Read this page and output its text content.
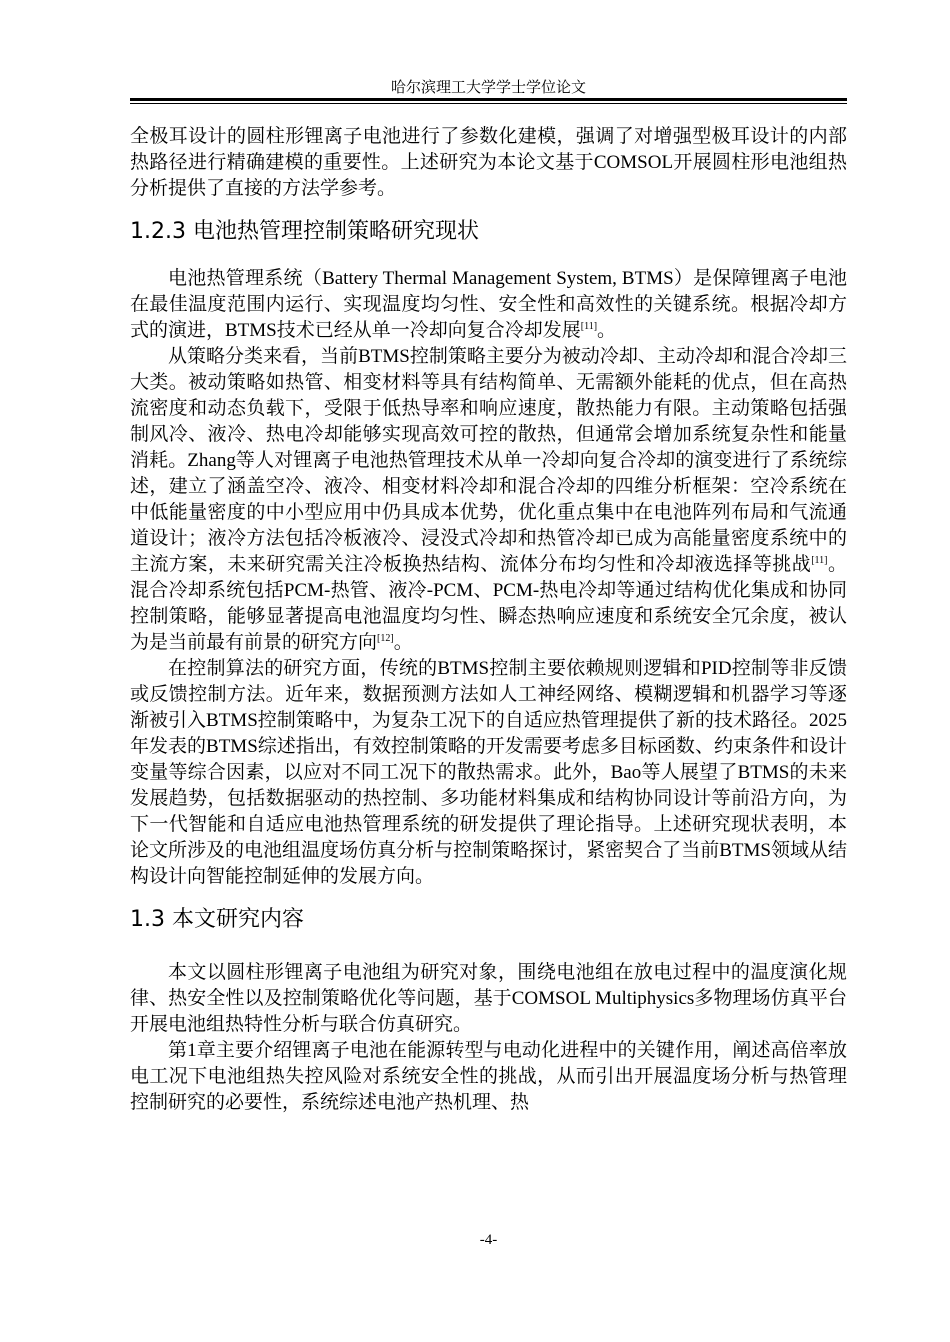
哈尔滨理工大学学士学位论文

全极耳设计的圆柱形锂离子电池进行了参数化建模，强调了对增强型极耳设计的内部热路径进行精确建模的重要性。上述研究为本论文基于COMSOL开展圆柱形电池组热分析提供了直接的方法学参考。

1.2.3 电池热管理控制策略研究现状

电池热管理系统（Battery Thermal Management System, BTMS）是保障锂离子电池在最佳温度范围内运行、实现温度均匀性、安全性和高效性的关键系统。根据冷却方式的演进，BTMS技术已经从单一冷却向复合冷却发展[11]。

从策略分类来看，当前BTMS控制策略主要分为被动冷却、主动冷却和混合冷却三大类。被动策略如热管、相变材料等具有结构简单、无需额外能耗的优点，但在高热流密度和动态负载下，受限于低热导率和响应速度，散热能力有限。主动策略包括强制风冷、液冷、热电冷却能够实现高效可控的散热，但通常会增加系统复杂性和能量消耗。Zhang等人对锂离子电池热管理技术从单一冷却向复合冷却的演变进行了系统综述，建立了涵盖空冷、液冷、相变材料冷却和混合冷却的四维分析框架：空冷系统在中低能量密度的中小型应用中仍具成本优势，优化重点集中在电池阵列布局和气流通道设计；液冷方法包括冷板液冷、浸没式冷却和热管冷却已成为高能量密度系统中的主流方案，未来研究需关注冷板换热结构、流体分布均匀性和冷却液选择等挑战[11]。混合冷却系统包括PCM-热管、液冷-PCM、PCM-热电冷却等通过结构优化集成和协同控制策略，能够显著提高电池温度均匀性、瞬态热响应速度和系统安全冗余度，被认为是当前最有前景的研究方向[12]。

在控制算法的研究方面，传统的BTMS控制主要依赖规则逻辑和PID控制等非反馈或反馈控制方法。近年来，数据预测方法如人工神经网络、模糊逻辑和机器学习等逐渐被引入BTMS控制策略中，为复杂工况下的自适应热管理提供了新的技术路径。2025年发表的BTMS综述指出，有效控制策略的开发需要考虑多目标函数、约束条件和设计变量等综合因素，以应对不同工况下的散热需求。此外，Bao等人展望了BTMS的未来发展趋势，包括数据驱动的热控制、多功能材料集成和结构协同设计等前沿方向，为下一代智能和自适应电池热管理系统的研发提供了理论指导。上述研究现状表明，本论文所涉及的电池组温度场仿真分析与控制策略探讨，紧密契合了当前BTMS领域从结构设计向智能控制延伸的发展方向。

1.3 本文研究内容

本文以圆柱形锂离子电池组为研究对象，围绕电池组在放电过程中的温度演化规律、热安全性以及控制策略优化等问题，基于COMSOL Multiphysics多物理场仿真平台开展电池组热特性分析与联合仿真研究。

第1章主要介绍锂离子电池在能源转型与电动化进程中的关键作用，阐述高倍率放电工况下电池组热失控风险对系统安全性的挑战，从而引出开展温度场分析与热管理控制研究的必要性，系统综述电池产热机理、热

-4-
